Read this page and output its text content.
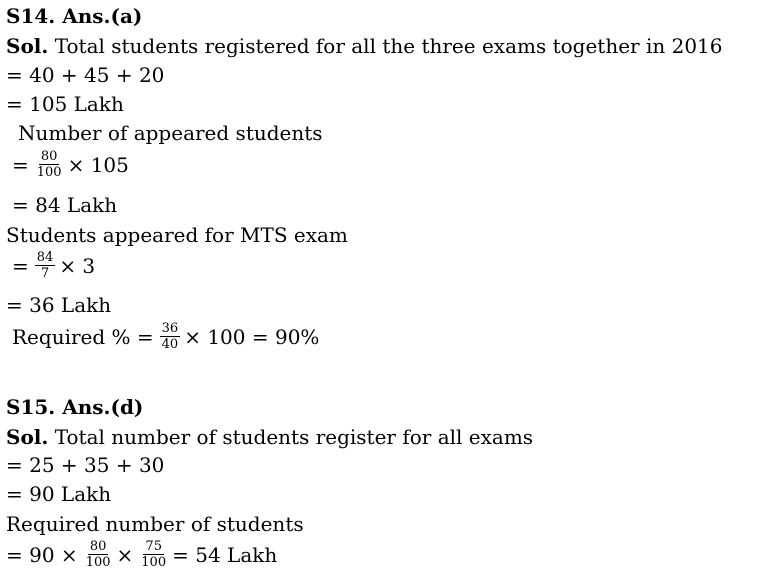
S14. Ans.(a)
Sol. Total students registered for all the three exams together in 2016
= 40 + 45 + 20
= 105 Lakh
Number of appeared students
= $\frac{80}{100} \times 105$
= 84 Lakh
Students appeared for MTS exam
= $\frac{84}{7} \times 3$
= 36 Lakh
Required % = $\frac{36}{40} \times 100 = 90\%$
S15. Ans.(d)
Sol. Total number of students register for all exams
= 25 + 35 + 30
= 90 Lakh
Required number of students
= $90 \times \frac{80}{100} \times \frac{75}{100} = 54$ Lakh
